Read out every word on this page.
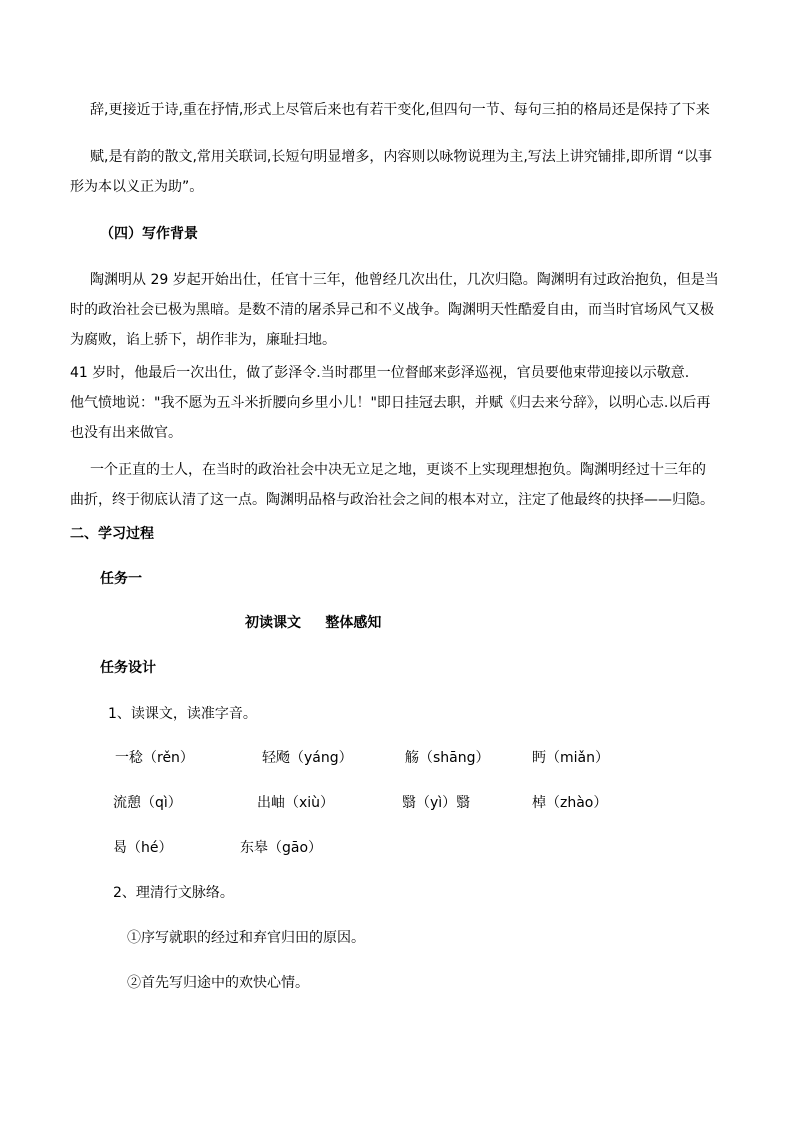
辞,更接近于诗,重在抒情,形式上尽管后来也有若干变化,但四句一节、每句三拍的格局还是保持了下来
赋,是有韵的散文,常用关联词,长短句明显增多，内容则以咏物说理为主,写法上讲究铺排,即所谓 “以事
形为本以义正为助”。
（四）写作背景
陶渊明从 29 岁起开始出仕，任官十三年，他曾经几次出仕，几次归隐。陶渊明有过政治抱负，但是当
时的政治社会已极为黑暗。是数不清的屠杀异己和不义战争。陶渊明天性酷爱自由，而当时官场风气又极
为腐败，谄上骄下，胡作非为，廉耻扫地。
41 岁时，他最后一次出仕，做了彭泽令.当时郡里一位督邮来彭泽巡视，官员要他束带迎接以示敬意.
他气愤地说："我不愿为五斗米折腰向乡里小儿！"即日挂冠去职，并赋《归去来兮辞》，以明心志.以后再
也没有出来做官。
一个正直的士人，在当时的政治社会中决无立足之地，更谈不上实现理想抱负。陶渊明经过十三年的
曲折，终于彻底认清了这一点。陶渊明品格与政治社会之间的根本对立，注定了他最终的抉择——归隐。
二、学习过程
任务一
初读课文     整体感知
任务设计
1、读课文，读准字音。
一稔（rěn）	轻飏（yáng）	觞（shāng）	眄（miǎn）
流憩（qì）	出岫（xiù）	翳（yì）翳	棹（zhào）
曷（hé）	东皋（gāo）
2、理清行文脉络。
①序写就职的经过和弃官归田的原因。
②首先写归途中的欢快心情。
